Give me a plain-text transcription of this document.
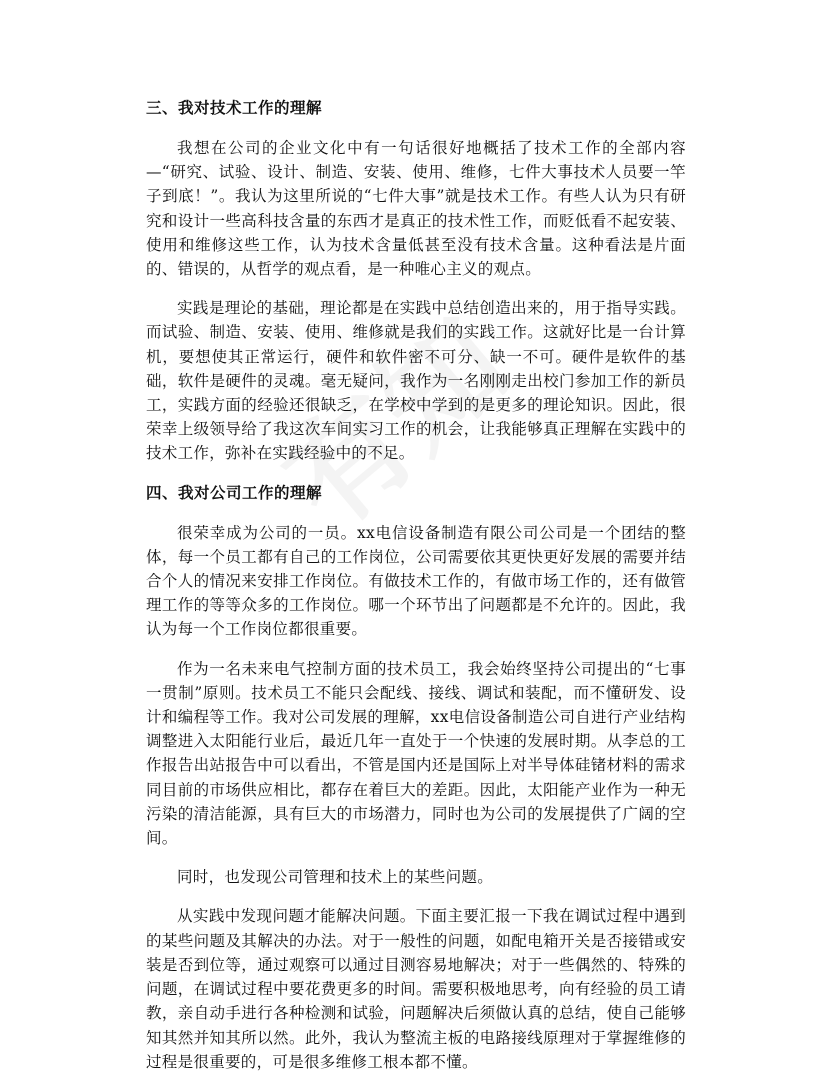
三、我对技术工作的理解

我想在公司的企业文化中有一句话很好地概括了技术工作的全部内容—“研究、试验、设计、制造、安装、使用、维修，七件大事技术人员要一竿子到底！”。我认为这里所说的“七件大事”就是技术工作。有些人认为只有研究和设计一些高科技含量的东西才是真正的技术性工作，而贬低看不起安装、使用和维修这些工作，认为技术含量低甚至没有技术含量。这种看法是片面的、错误的，从哲学的观点看，是一种唯心主义的观点。

实践是理论的基础，理论都是在实践中总结创造出来的，用于指导实践。而试验、制造、安装、使用、维修就是我们的实践工作。这就好比是一台计算机，要想使其正常运行，硬件和软件密不可分、缺一不可。硬件是软件的基础，软件是硬件的灵魂。毫无疑问，我作为一名刚刚走出校门参加工作的新员工，实践方面的经验还很缺乏，在学校中学到的是更多的理论知识。因此，很荣幸上级领导给了我这次车间实习工作的机会，让我能够真正理解在实践中的技术工作，弥补在实践经验中的不足。

四、我对公司工作的理解

很荣幸成为公司的一员。xx电信设备制造有限公司公司是一个团结的整体，每一个员工都有自己的工作岗位，公司需要依其更快更好发展的需要并结合个人的情况来安排工作岗位。有做技术工作的，有做市场工作的，还有做管理工作的等等众多的工作岗位。哪一个环节出了问题都是不允许的。因此，我认为每一个工作岗位都很重要。

作为一名未来电气控制方面的技术员工，我会始终坚持公司提出的“七事一贯制”原则。技术员工不能只会配线、接线、调试和装配，而不懂研发、设计和编程等工作。我对公司发展的理解，xx电信设备制造公司自进行产业结构调整进入太阳能行业后，最近几年一直处于一个快速的发展时期。从李总的工作报告出站报告中可以看出，不管是国内还是国际上对半导体硅锗材料的需求同目前的市场供应相比，都存在着巨大的差距。因此，太阳能产业作为一种无污染的清洁能源，具有巨大的市场潜力，同时也为公司的发展提供了广阔的空间。

同时，也发现公司管理和技术上的某些问题。

从实践中发现问题才能解决问题。下面主要汇报一下我在调试过程中遇到的某些问题及其解决的办法。对于一般性的问题，如配电箱开关是否接错或安装是否到位等，通过观察可以通过目测容易地解决；对于一些偶然的、特殊的问题，在调试过程中要花费更多的时间。需要积极地思考，向有经验的员工请教，亲自动手进行各种检测和试验，问题解决后须做认真的总结，使自己能够知其然并知其所以然。此外，我认为整流主板的电路接线原理对于掌握维修的过程是很重要的，可是很多维修工根本都不懂。
